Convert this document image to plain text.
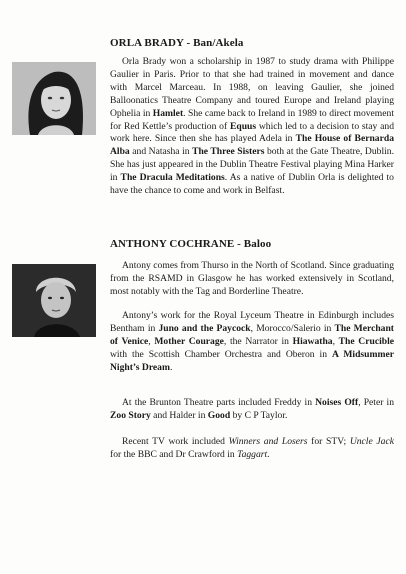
ORLA BRADY - Ban/Akela

Orla Brady won a scholarship in 1987 to study drama with Philippe Gaulier in Paris. Prior to that she had trained in movement and dance with Marcel Marceau. In 1988, on leaving Gaulier, she joined Balloonatics Theatre Company and toured Europe and Ireland playing Ophelia in Hamlet. She came back to Ireland in 1989 to direct movement for Red Kettle’s production of Equus which led to a decision to stay and work here. Since then she has played Adela in The House of Bernarda Alba and Natasha in The Three Sisters both at the Gate Theatre, Dublin. She has just appeared in the Dublin Theatre Festival playing Mina Harker in The Dracula Meditations. As a native of Dublin Orla is delighted to have the chance to come and work in Belfast.

ANTHONY COCHRANE - Baloo

Antony comes from Thurso in the North of Scotland. Since graduating from the RSAMD in Glasgow he has worked extensively in Scotland, most notably with the Tag and Borderline Theatre.

Antony’s work for the Royal Lyceum Theatre in Edinburgh includes Bentham in Juno and the Paycock, Morocco/Salerio in The Merchant of Venice, Mother Courage, the Narrator in Hiawatha, The Crucible with the Scottish Chamber Orchestra and Oberon in A Midsummer Night’s Dream.

At the Brunton Theatre parts included Freddy in Noises Off, Peter in Zoo Story and Halder in Good by C P Taylor.

Recent TV work included Winners and Losers for STV; Uncle Jack for the BBC and Dr Crawford in Taggart.
